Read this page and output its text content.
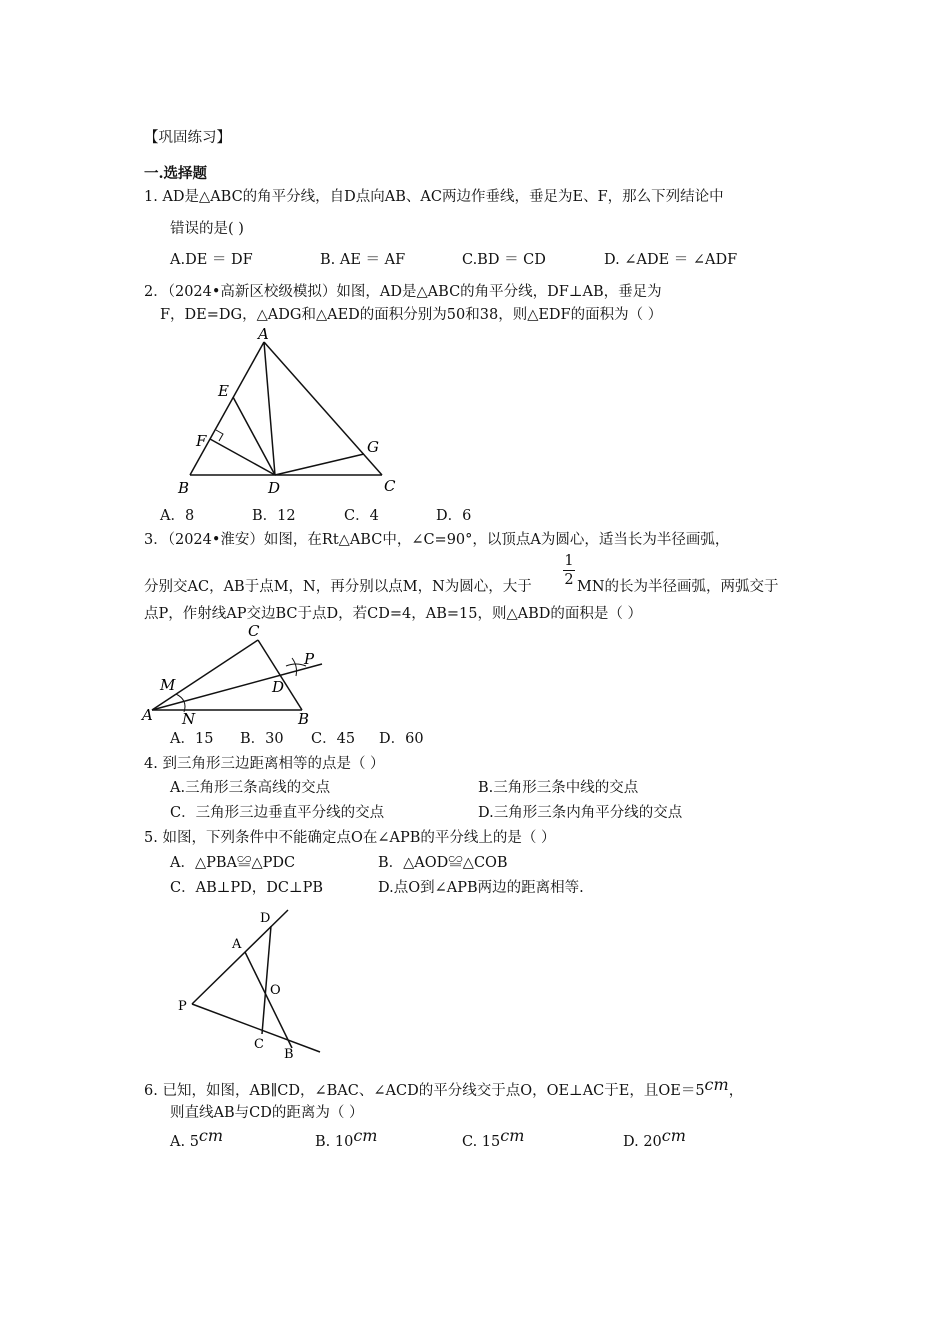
【巩固练习】
一.选择题
1. AD是△ABC的角平分线，自D点向AB、AC两边作垂线，垂足为E、F，那么下列结论中
错误的是( )
A.DE ＝ DF	B. AE ＝ AF	C.BD ＝ CD	D. ∠ADE ＝ ∠ADF
2．（2024•高新区校级模拟）如图，AD是△ABC的角平分线，DF⊥AB，垂足为
F，DE=DG，△ADG和△AED的面积分别为50和38，则△EDF的面积为（ ）
A
E
F	G
B	D	C
A．8	B．12	C．4	D．6
3．（2024•淮安）如图，在Rt△ABC中，∠C=90°，以顶点A为圆心，适当长为半径画弧，
分别交AC，AB于点M，N，再分别以点M，N为圆心，大于
1
2 MN的长为半径画弧，两弧交于
点P，作射线AP交边BC于点D，若CD=4，AB=15，则△ABD的面积是（ ）
C
P
M	D
A N	B
A．15 B．30 C．45 D．60
4. 到三角形三边距离相等的点是（ ）
A.三角形三条高线的交点	B.三角形三条中线的交点
C．三角形三边垂直平分线的交点	D.三角形三条内角平分线的交点
5. 如图，下列条件中不能确定点O在∠APB的平分线上的是（ ）
A．△PBA≌△PDC	B．△AOD≌△COB
C．AB⊥PD，DC⊥PB	D.点O到∠APB两边的距离相等.
D
A
O
P
C
B
6. 已知，如图，AB∥CD，∠BAC、∠ACD的平分线交于点O，OE⊥AC于E，且OE＝5cm，
则直线AB与CD的距离为（ ）
A. 5cm	B. 10cm	C. 15cm	D. 20cm
